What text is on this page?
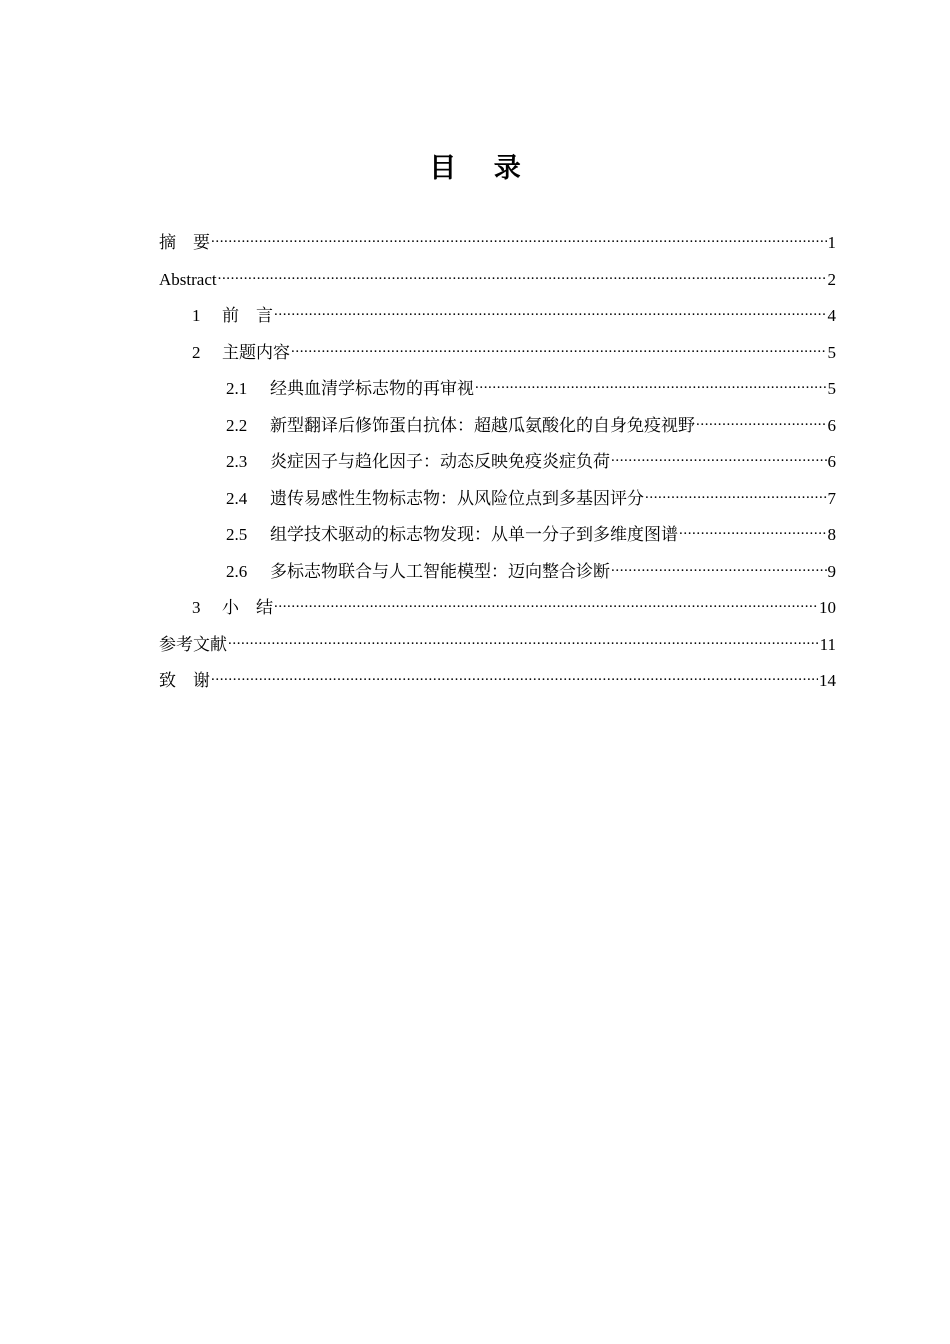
目 录
摘　要 .....	1
Abstract .....	2
1	前　言 .....	4
2	主题内容 .....	5
2.1	经典血清学标志物的再审视 .....	5
2.2	新型翻译后修饰蛋白抗体：超越瓜氨酸化的自身免疫视野 .....	6
2.3	炎症因子与趋化因子：动态反映免疫炎症负荷 .....	6
2.4	遗传易感性生物标志物：从风险位点到多基因评分 .....	7
2.5	组学技术驱动的标志物发现：从单一分子到多维度图谱 .....	8
2.6	多标志物联合与人工智能模型：迈向整合诊断 .....	9
3	小　结 .....	10
参考文献 .....	11
致　谢 .....	14
